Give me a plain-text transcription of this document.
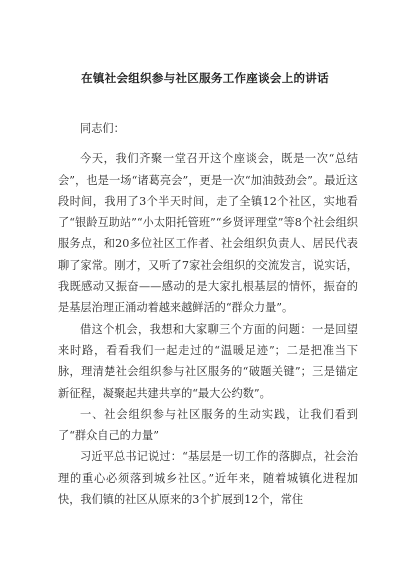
在镇社会组织参与社区服务工作座谈会上的讲话

同志们：

今天，我们齐聚一堂召开这个座谈会，既是一次“总结会”，也是一场“诸葛亮会”，更是一次“加油鼓劲会”。最近这段时间，我用了3个半天时间，走了全镇12个社区，实地看了“银龄互助站”“小太阳托管班”“乡贤评理堂”等8个社会组织服务点，和20多位社区工作者、社会组织负责人、居民代表聊了家常。刚才，又听了7家社会组织的交流发言，说实话，我既感动又振奋——感动的是大家扎根基层的情怀，振奋的是基层治理正涌动着越来越鲜活的“群众力量”。

借这个机会，我想和大家聊三个方面的问题：一是回望来时路，看看我们一起走过的“温暖足迹”；二是把准当下脉，理清楚社会组织参与社区服务的“破题关键”；三是锚定新征程，凝聚起共建共享的“最大公约数”。

一、社会组织参与社区服务的生动实践，让我们看到了“群众自己的力量”

习近平总书记说过：“基层是一切工作的落脚点，社会治理的重心必须落到城乡社区。”近年来，随着城镇化进程加快，我们镇的社区从原来的3个扩展到12个，常住
